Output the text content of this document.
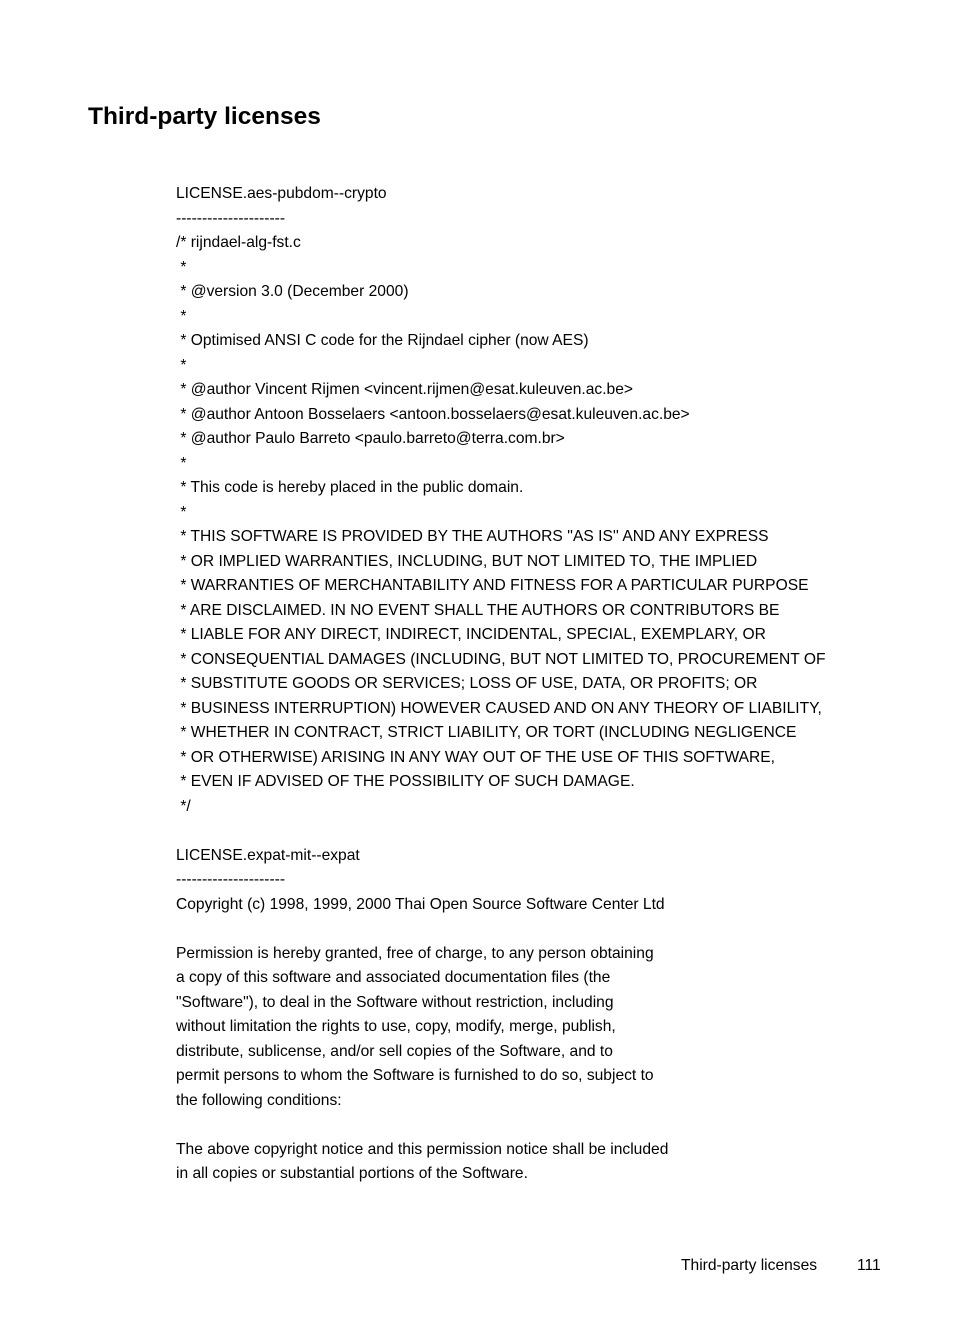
Third-party licenses
LICENSE.aes-pubdom--crypto
---------------------
/* rijndael-alg-fst.c
*
* @version 3.0 (December 2000)
*
* Optimised ANSI C code for the Rijndael cipher (now AES)
*
* @author Vincent Rijmen <vincent.rijmen@esat.kuleuven.ac.be>
* @author Antoon Bosselaers <antoon.bosselaers@esat.kuleuven.ac.be>
* @author Paulo Barreto <paulo.barreto@terra.com.br>
*
* This code is hereby placed in the public domain.
*
* THIS SOFTWARE IS PROVIDED BY THE AUTHORS ''AS IS'' AND ANY EXPRESS
* OR IMPLIED WARRANTIES, INCLUDING, BUT NOT LIMITED TO, THE IMPLIED
* WARRANTIES OF MERCHANTABILITY AND FITNESS FOR A PARTICULAR PURPOSE
* ARE DISCLAIMED. IN NO EVENT SHALL THE AUTHORS OR CONTRIBUTORS BE
* LIABLE FOR ANY DIRECT, INDIRECT, INCIDENTAL, SPECIAL, EXEMPLARY, OR
* CONSEQUENTIAL DAMAGES (INCLUDING, BUT NOT LIMITED TO, PROCUREMENT OF
* SUBSTITUTE GOODS OR SERVICES; LOSS OF USE, DATA, OR PROFITS; OR
* BUSINESS INTERRUPTION) HOWEVER CAUSED AND ON ANY THEORY OF LIABILITY,
* WHETHER IN CONTRACT, STRICT LIABILITY, OR TORT (INCLUDING NEGLIGENCE
* OR OTHERWISE) ARISING IN ANY WAY OUT OF THE USE OF THIS SOFTWARE,
* EVEN IF ADVISED OF THE POSSIBILITY OF SUCH DAMAGE.
*/
LICENSE.expat-mit--expat
---------------------
Copyright (c) 1998, 1999, 2000 Thai Open Source Software Center Ltd
Permission is hereby granted, free of charge, to any person obtaining
a copy of this software and associated documentation files (the
"Software"), to deal in the Software without restriction, including
without limitation the rights to use, copy, modify, merge, publish,
distribute, sublicense, and/or sell copies of the Software, and to
permit persons to whom the Software is furnished to do so, subject to
the following conditions:
The above copyright notice and this permission notice shall be included
in all copies or substantial portions of the Software.
Third-party licenses	111
